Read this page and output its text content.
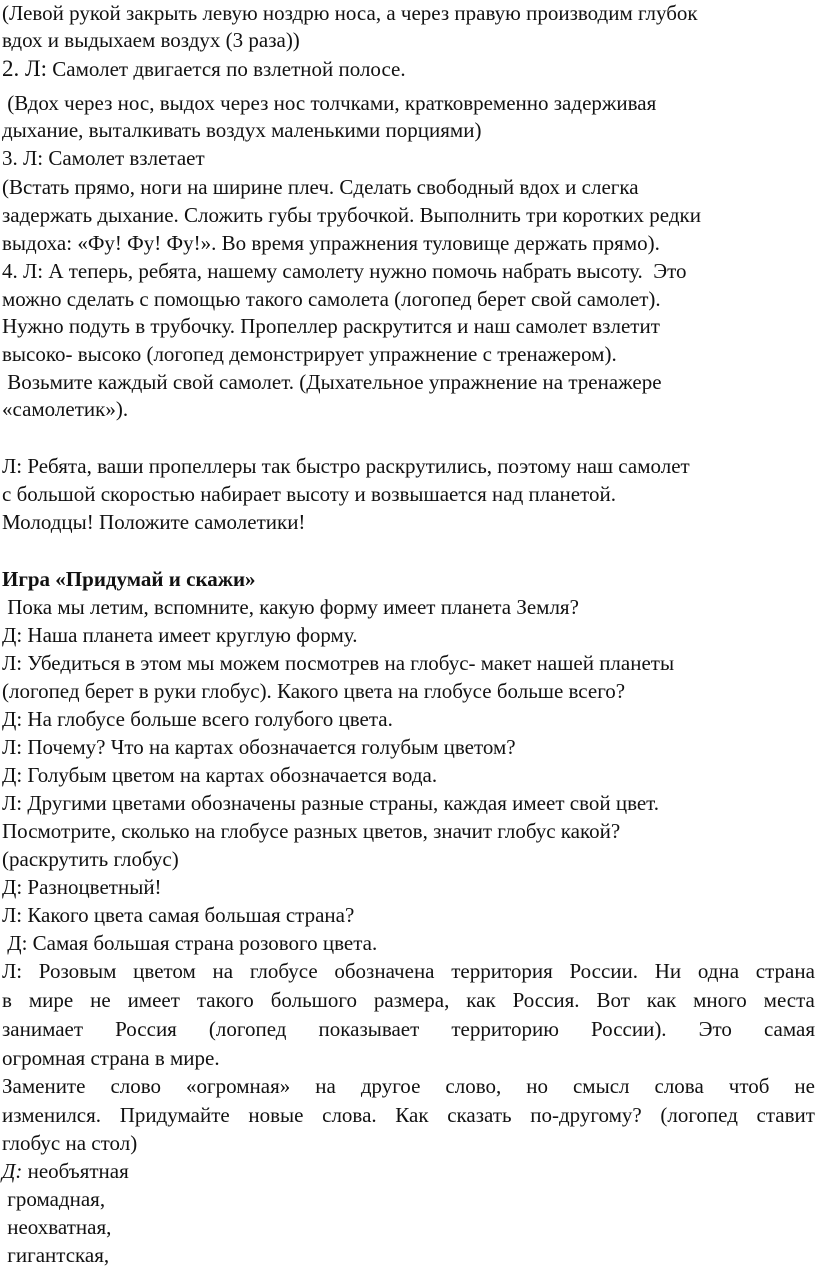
(Левой рукой закрыть левую ноздрю носа, а через правую производим глубок
вдох и выдыхаем воздух (3 раза))
2. Л: Самолет двигается по взлетной полосе.
(Вдох через нос, выдох через нос толчками, кратковременно задерживая
дыхание, выталкивать воздух маленькими порциями)
3. Л: Самолет взлетает
(Встать прямо, ноги на ширине плеч. Сделать свободный вдох и слегка
задержать дыхание. Сложить губы трубочкой. Выполнить три коротких редки
выдоха: «Фу! Фу! Фу!». Во время упражнения туловище держать прямо).
4. Л: А теперь, ребята, нашему самолету нужно помочь набрать высоту.  Это
можно сделать с помощью такого самолета (логопед берет свой самолет).
Нужно подуть в трубочку. Пропеллер раскрутится и наш самолет взлетит
высоко- высоко (логопед демонстрирует упражнение с тренажером).
Возьмите каждый свой самолет. (Дыхательное упражнение на тренажере
«самолетик»).
Л: Ребята, ваши пропеллеры так быстро раскрутились, поэтому наш самолет
с большой скоростью набирает высоту и возвышается над планетой.
Молодцы! Положите самолетики!
Игра «Придумай и скажи»
Пока мы летим, вспомните, какую форму имеет планета Земля?
Д: Наша планета имеет круглую форму.
Л: Убедиться в этом мы можем посмотрев на глобус- макет нашей планеты
(логопед берет в руки глобус). Какого цвета на глобусе больше всего?
Д: На глобусе больше всего голубого цвета.
Л: Почему? Что на картах обозначается голубым цветом?
Д: Голубым цветом на картах обозначается вода.
Л: Другими цветами обозначены разные страны, каждая имеет свой цвет.
Посмотрите, сколько на глобусе разных цветов, значит глобус какой?
(раскрутить глобус)
Д: Разноцветный!
Л: Какого цвета самая большая страна?
Д: Самая большая страна розового цвета.
Л: Розовым цветом на глобусе обозначена территория России. Ни одна страна
в мире не имеет такого большого размера, как Россия. Вот как много места
занимает Россия (логопед показывает территорию России). Это самая
огромная страна в мире.
Замените слово «огромная» на другое слово, но смысл слова чтоб не
изменился. Придумайте новые слова. Как сказать по-другому? (логопед ставит
глобус на стол)
Д: необъятная
громадная,
неохватная,
гигантская,
